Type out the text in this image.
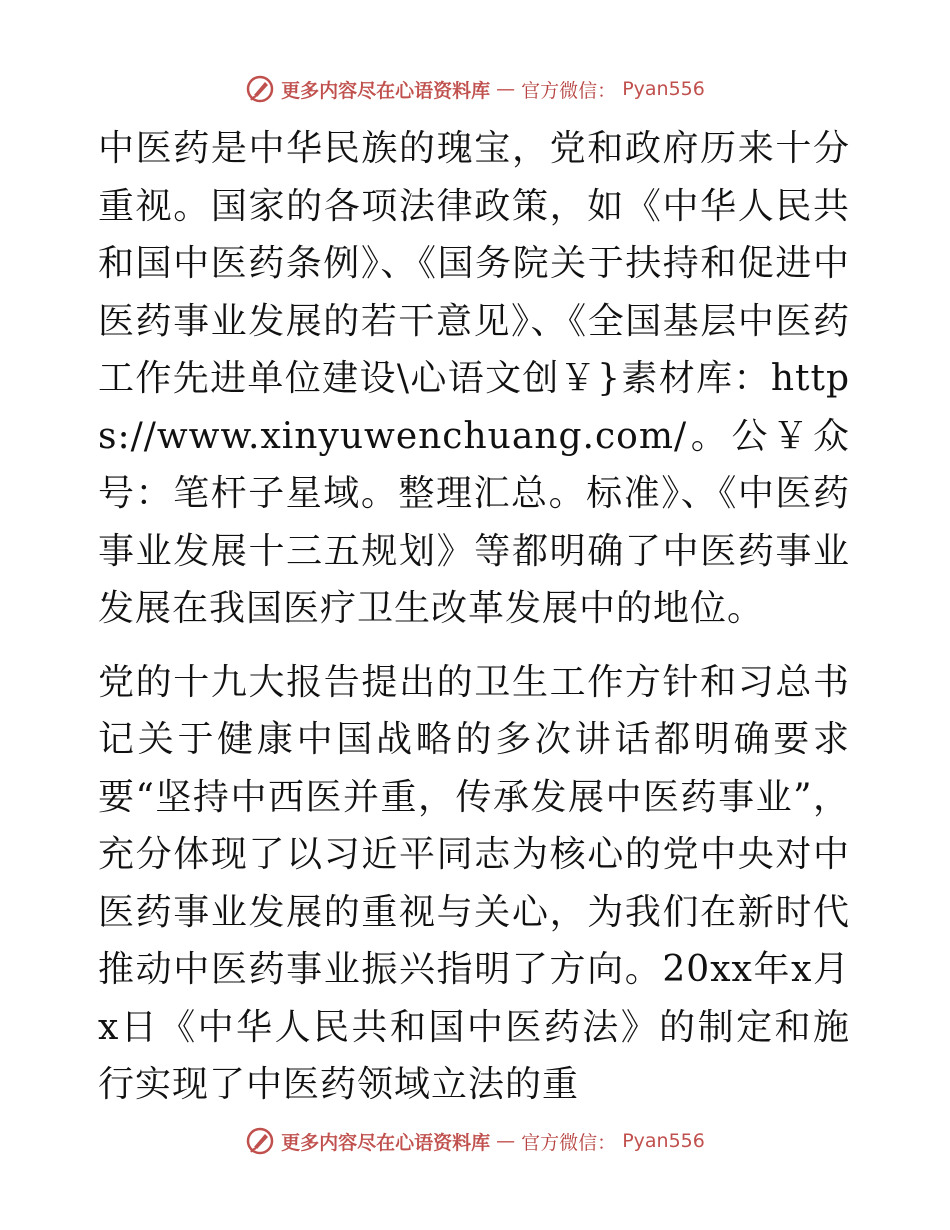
更多内容尽在心语资料库 — 官方微信： Pyan556

中医药是中华民族的瑰宝，党和政府历来十分重视。国家的各项法律政策，如《中华人民共和国中医药条例》、《国务院关于扶持和促进中医药事业发展的若干意见》、《全国基层中医药工作先进单位建设\心语文创￥}素材库：https://www.xinyuwenchuang.com/。公￥众号：笔杆子星域。整理汇总。标准》、《中医药事业发展十三五规划》等都明确了中医药事业发展在我国医疗卫生改革发展中的地位。

党的十九大报告提出的卫生工作方针和习总书记关于健康中国战略的多次讲话都明确要求要“坚持中西医并重，传承发展中医药事业”，充分体现了以习近平同志为核心的党中央对中医药事业发展的重视与关心，为我们在新时代推动中医药事业振兴指明了方向。20xx年x月x日《中华人民共和国中医药法》的制定和施行实现了中医药领域立法的重

更多内容尽在心语资料库 — 官方微信： Pyan556
